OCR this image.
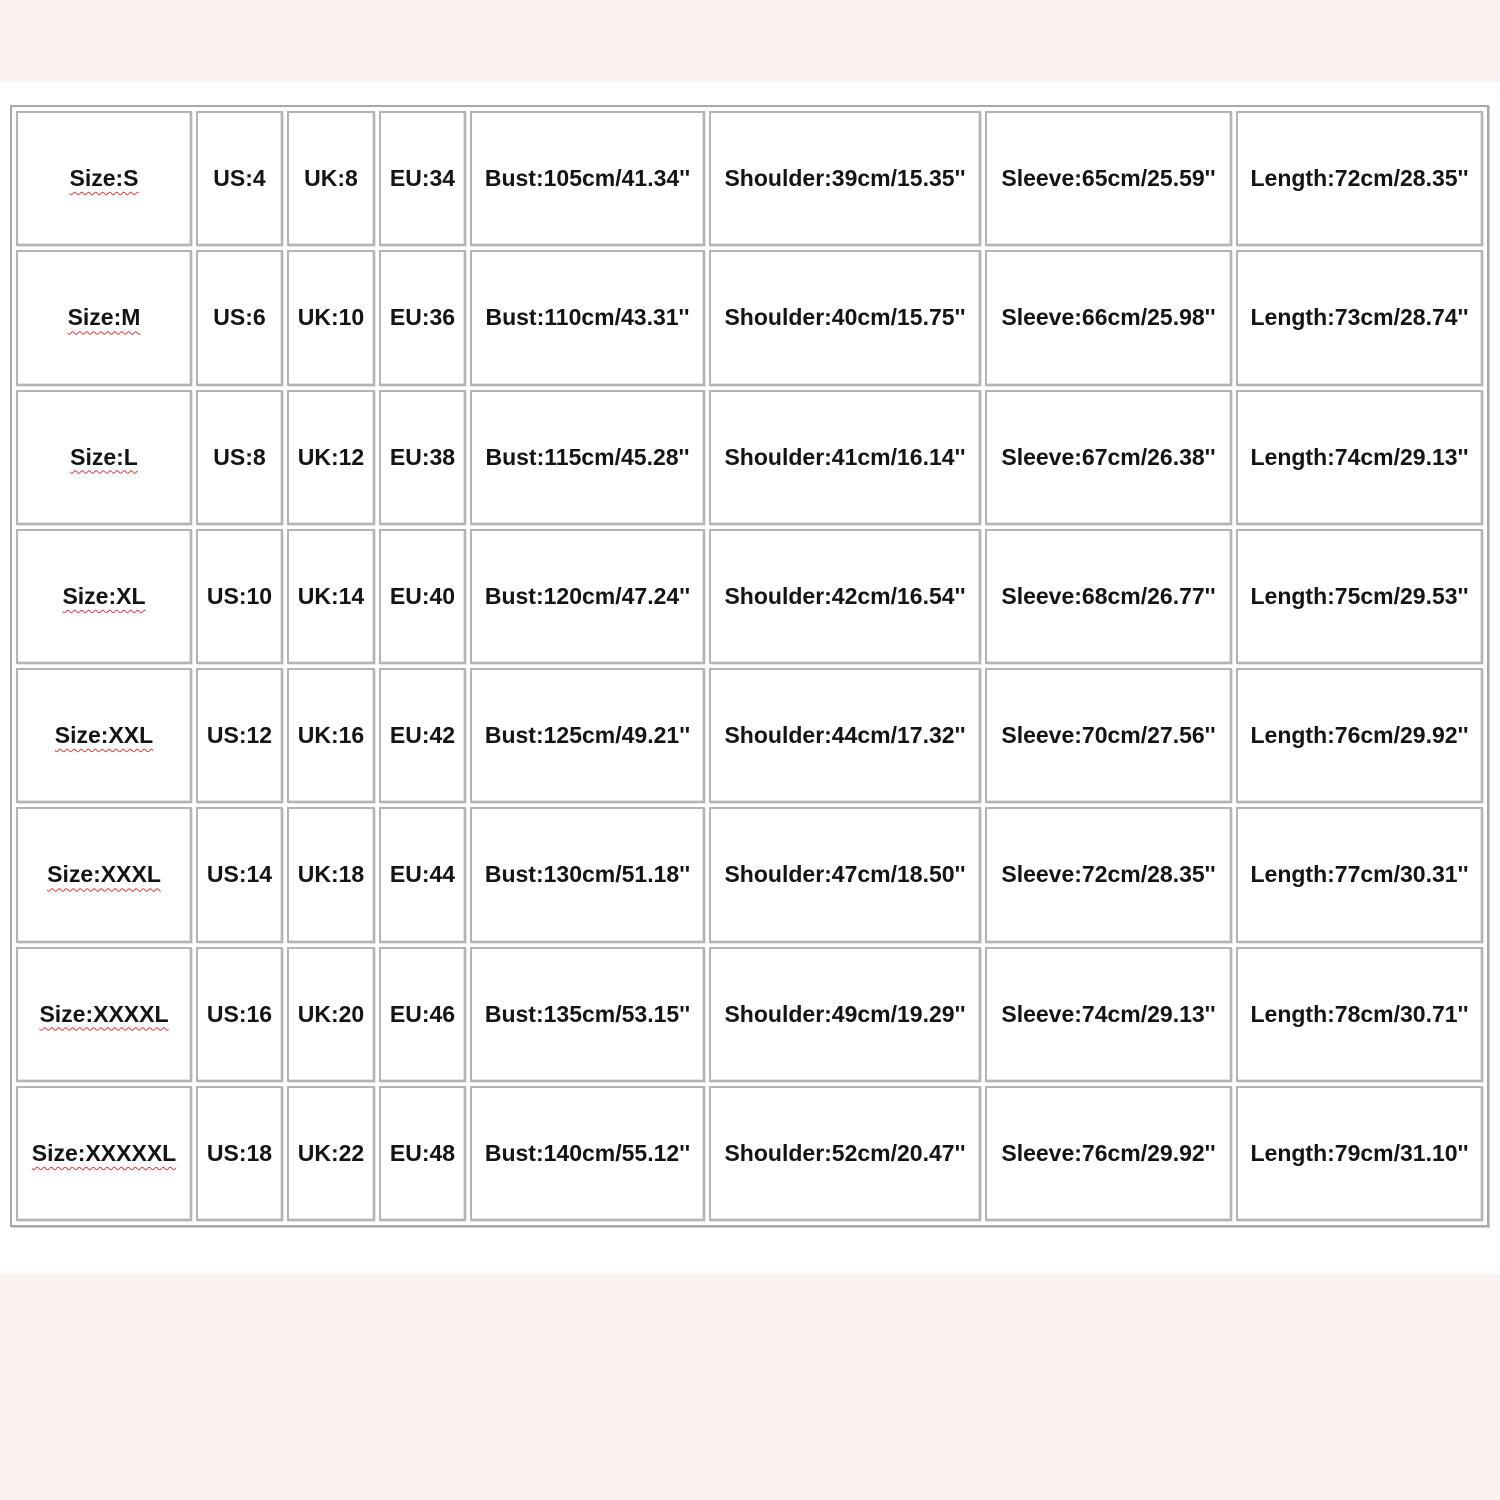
Size:S	US:4	UK:8	EU:34	Bust:105cm/41.34''	Shoulder:39cm/15.35''	Sleeve:65cm/25.59''	Length:72cm/28.35''
Size:M	US:6	UK:10	EU:36	Bust:110cm/43.31''	Shoulder:40cm/15.75''	Sleeve:66cm/25.98''	Length:73cm/28.74''
Size:L	US:8	UK:12	EU:38	Bust:115cm/45.28''	Shoulder:41cm/16.14''	Sleeve:67cm/26.38''	Length:74cm/29.13''
Size:XL	US:10	UK:14	EU:40	Bust:120cm/47.24''	Shoulder:42cm/16.54''	Sleeve:68cm/26.77''	Length:75cm/29.53''
Size:XXL	US:12	UK:16	EU:42	Bust:125cm/49.21''	Shoulder:44cm/17.32''	Sleeve:70cm/27.56''	Length:76cm/29.92''
Size:XXXL	US:14	UK:18	EU:44	Bust:130cm/51.18''	Shoulder:47cm/18.50''	Sleeve:72cm/28.35''	Length:77cm/30.31''
Size:XXXXL	US:16	UK:20	EU:46	Bust:135cm/53.15''	Shoulder:49cm/19.29''	Sleeve:74cm/29.13''	Length:78cm/30.71''
Size:XXXXXL	US:18	UK:22	EU:48	Bust:140cm/55.12''	Shoulder:52cm/20.47''	Sleeve:76cm/29.92''	Length:79cm/31.10''
